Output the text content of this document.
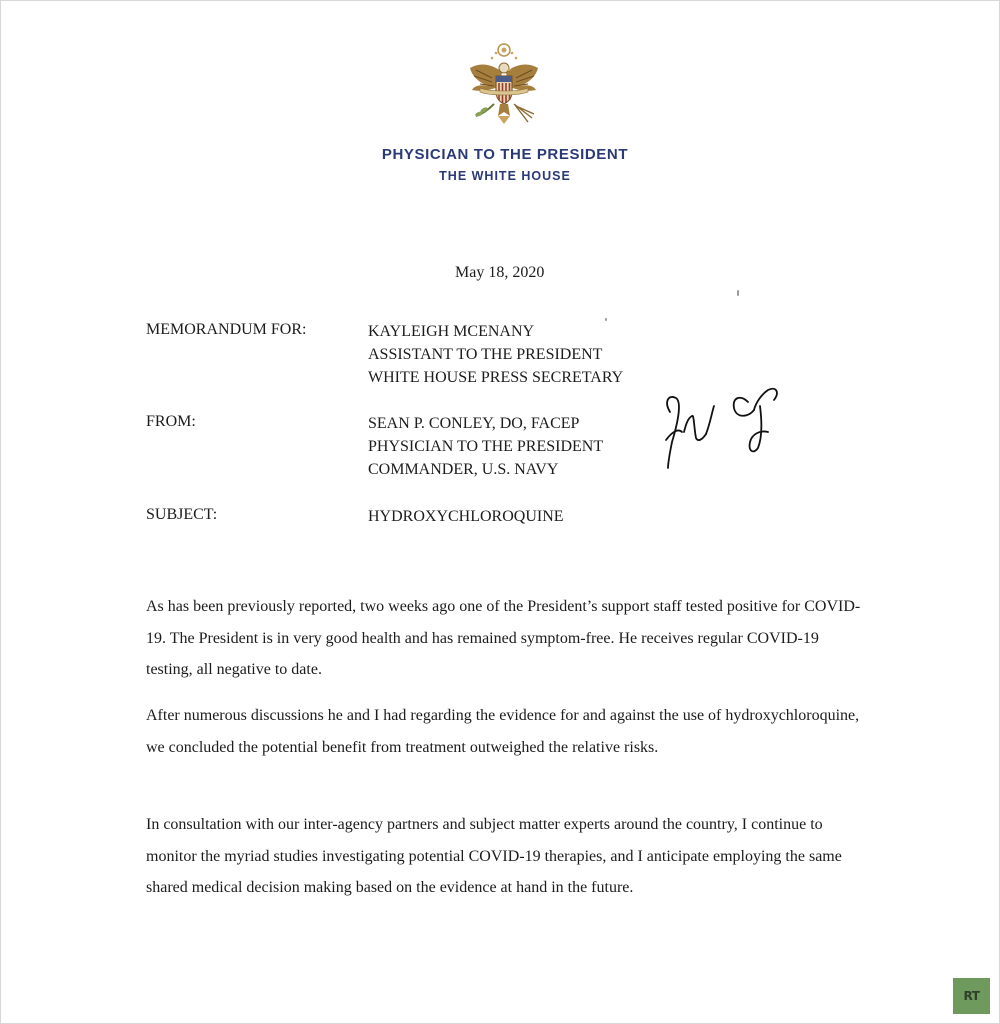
PHYSICIAN TO THE PRESIDENT
THE WHITE HOUSE
May 18, 2020
MEMORANDUM FOR:	KAYLEIGH MCENANY
ASSISTANT TO THE PRESIDENT
WHITE HOUSE PRESS SECRETARY
FROM:	SEAN P. CONLEY, DO, FACEP
PHYSICIAN TO THE PRESIDENT
COMMANDER, U.S. NAVY
SUBJECT:	HYDROXYCHLOROQUINE
As has been previously reported, two weeks ago one of the President’s support staff tested positive for COVID-19. The President is in very good health and has remained symptom-free. He receives regular COVID-19 testing, all negative to date.
After numerous discussions he and I had regarding the evidence for and against the use of hydroxychloroquine, we concluded the potential benefit from treatment outweighed the relative risks.
In consultation with our inter-agency partners and subject matter experts around the country, I continue to monitor the myriad studies investigating potential COVID-19 therapies, and I anticipate employing the same shared medical decision making based on the evidence at hand in the future.
RT
